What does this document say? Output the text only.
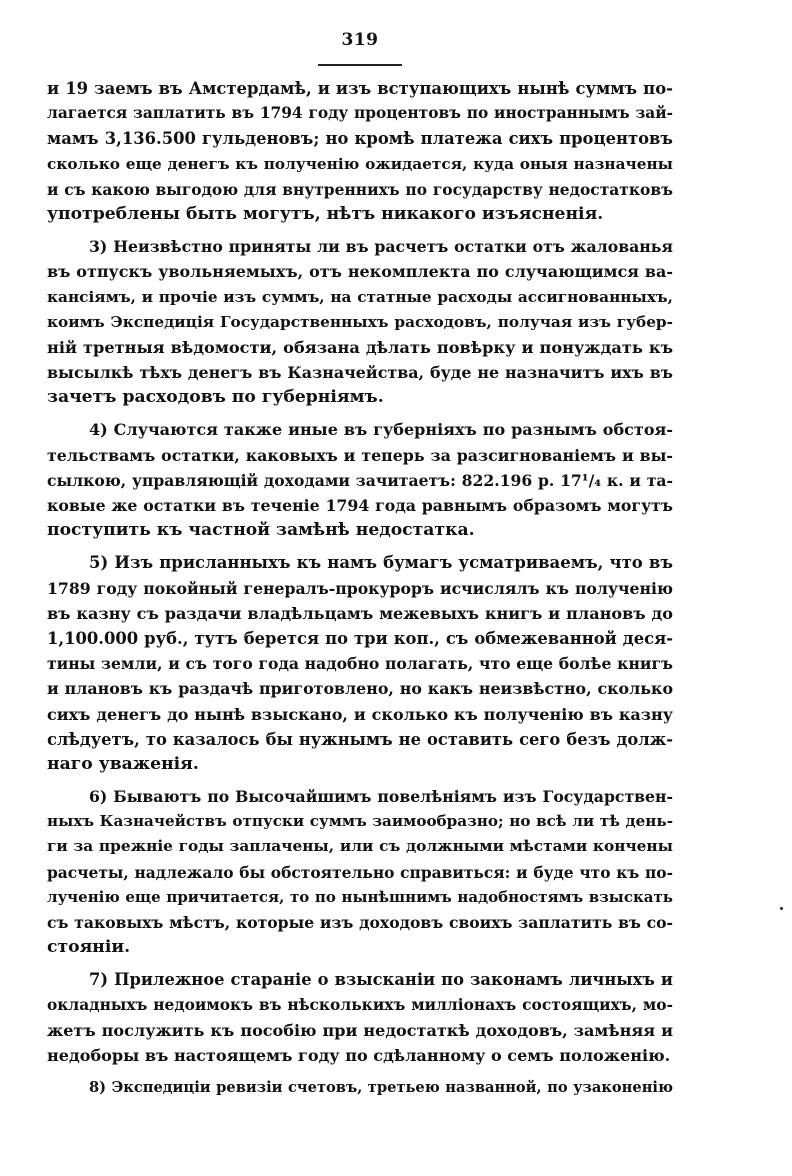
319
и 19 заемъ въ Амстердамѣ, и изъ вступающихъ нынѣ суммъ по-
лагается заплатить въ 1794 году процентовъ по иностраннымъ зай-
мамъ 3,136.500 гульденовъ; но кромѣ платежа сихъ процентовъ
сколько еще денегъ къ полученію ожидается, куда оныя назначены
и съ какою выгодою для внутреннихъ по государству недостатковъ
употреблены быть могутъ, нѣтъ никакого изъясненія.
3) Неизвѣстно приняты ли въ расчетъ остатки отъ жалованья
въ отпускъ увольняемыхъ, отъ некомплекта по случающимся ва-
кансіямъ, и прочіе изъ суммъ, на статные расходы ассигнованныхъ,
коимъ Экспедиція Государственныхъ расходовъ, получая изъ губер-
ній третныя вѣдомости, обязана дѣлать повѣрку и понуждать къ
высылкѣ тѣхъ денегъ въ Казначейства, буде не назначитъ ихъ въ
зачетъ расходовъ по губерніямъ.
4) Случаются также иные въ губерніяхъ по разнымъ обстоя-
тельствамъ остатки, каковыхъ и теперь за разсигнованіемъ и вы-
сылкою, управляющій доходами зачитаетъ: 822.196 р. 17¹/₄ к. и та-
ковые же остатки въ теченіе 1794 года равнымъ образомъ могутъ
поступить къ частной замѣнѣ недостатка.
5) Изъ присланныхъ къ намъ бумагъ усматриваемъ, что въ
1789 году покойный генералъ-прокуроръ исчислялъ къ полученію
въ казну съ раздачи владѣльцамъ межевыхъ книгъ и плановъ до
1,100.000 руб., тутъ берется по три коп., съ обмежеванной деся-
тины земли, и съ того года надобно полагать, что еще болѣе книгъ
и плановъ къ раздачѣ приготовлено, но какъ неизвѣстно, сколько
сихъ денегъ до нынѣ взыскано, и сколько къ полученію въ казну
слѣдуетъ, то казалось бы нужнымъ не оставить сего безъ долж-
наго уваженія.
6) Бываютъ по Высочайшимъ повелѣніямъ изъ Государствен-
ныхъ Казначействъ отпуски суммъ заимообразно; но всѣ ли тѣ день-
ги за прежніе годы заплачены, или съ должными мѣстами кончены
расчеты, надлежало бы обстоятельно справиться: и буде что къ по-
лученію еще причитается, то по нынѣшнимъ надобностямъ взыскать
съ таковыхъ мѣстъ, которые изъ доходовъ своихъ заплатить въ со-
стояніи.
7) Прилежное стараніе о взысканіи по законамъ личныхъ и
окладныхъ недоимокъ въ нѣсколькихъ милліонахъ состоящихъ, мо-
жетъ послужить къ пособію при недостаткѣ доходовъ, замѣняя и
недоборы въ настоящемъ году по сдѣланному о семъ положенію.
8) Экспедиціи ревизіи счетовъ, третьею названной, по узаконенію
